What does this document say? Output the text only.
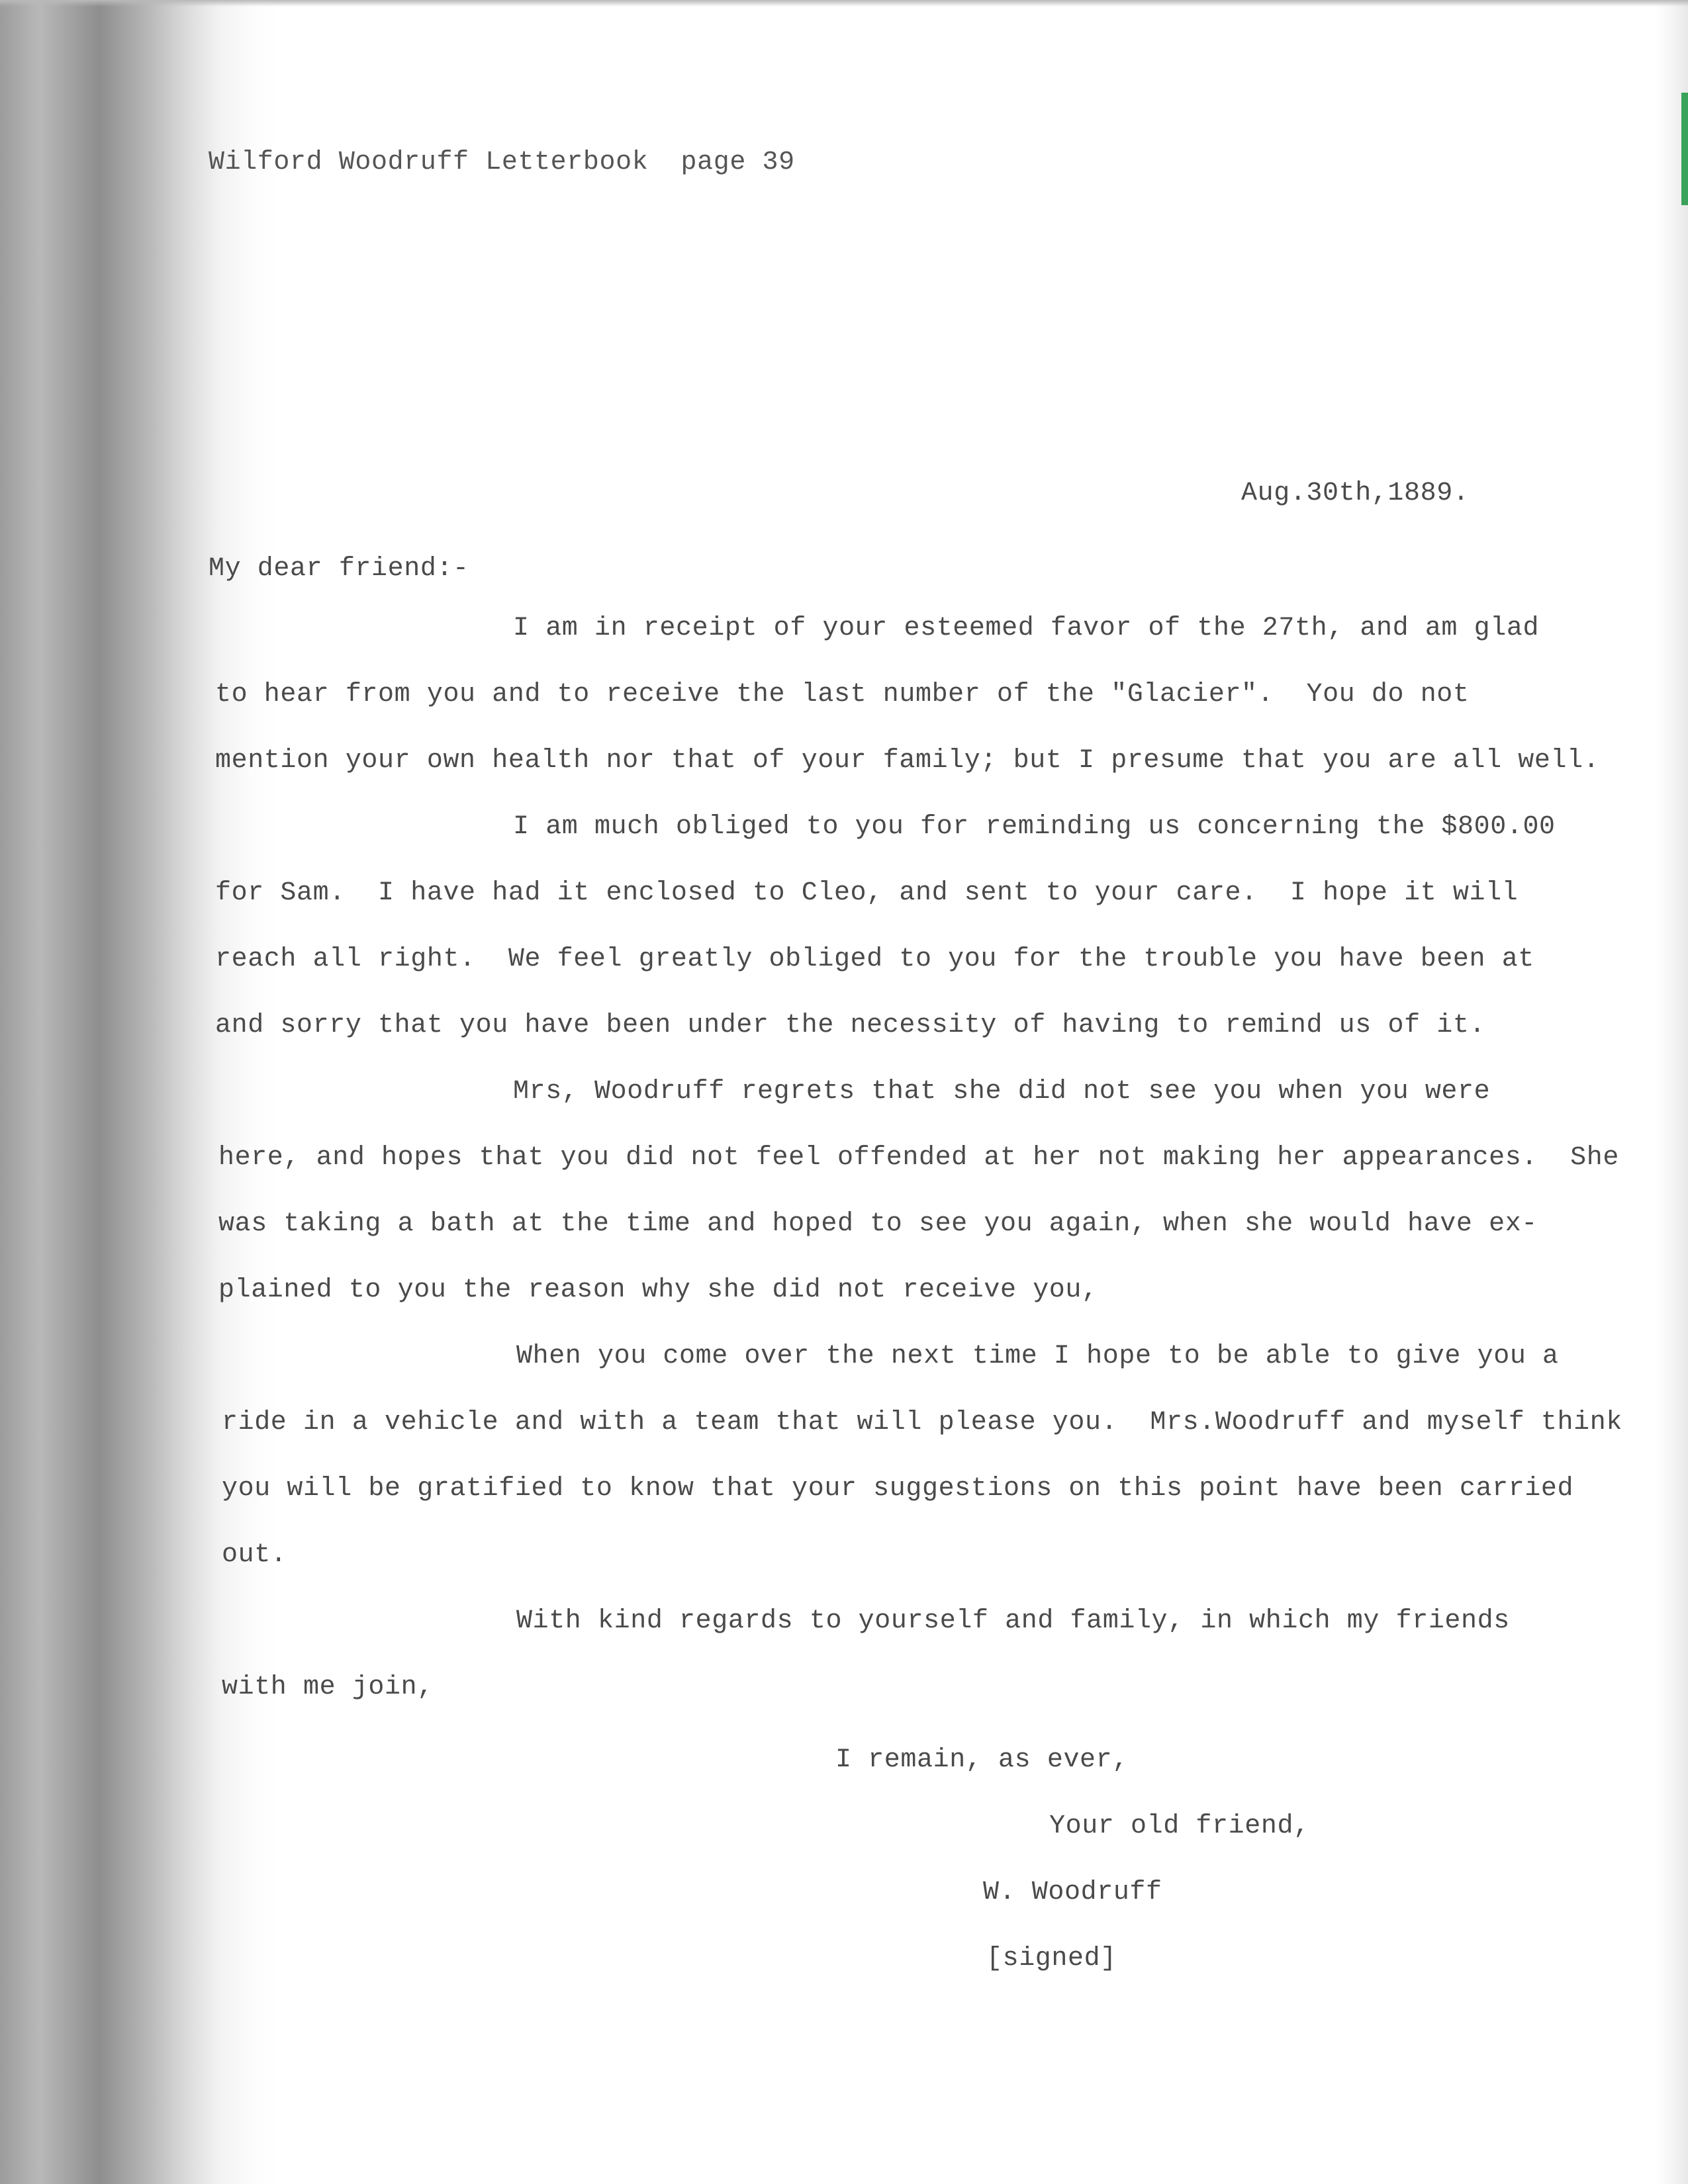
Wilford Woodruff Letterbook  page 39
Aug.30th,1889.
My dear friend:-
I am in receipt of your esteemed favor of the 27th, and am glad
to hear from you and to receive the last number of the "Glacier".  You do not
mention your own health nor that of your family; but I presume that you are all well.
I am much obliged to you for reminding us concerning the $800.00
for Sam.  I have had it enclosed to Cleo, and sent to your care.  I hope it will
reach all right.  We feel greatly obliged to you for the trouble you have been at
and sorry that you have been under the necessity of having to remind us of it.
Mrs, Woodruff regrets that she did not see you when you were
here, and hopes that you did not feel offended at her not making her appearances.  She
was taking a bath at the time and hoped to see you again, when she would have ex-
plained to you the reason why she did not receive you,
When you come over the next time I hope to be able to give you a
ride in a vehicle and with a team that will please you.  Mrs.Woodruff and myself think
you will be gratified to know that your suggestions on this point have been carried
out.
With kind regards to yourself and family, in which my friends
with me join,
I remain, as ever,
Your old friend,
W. Woodruff
[signed]
